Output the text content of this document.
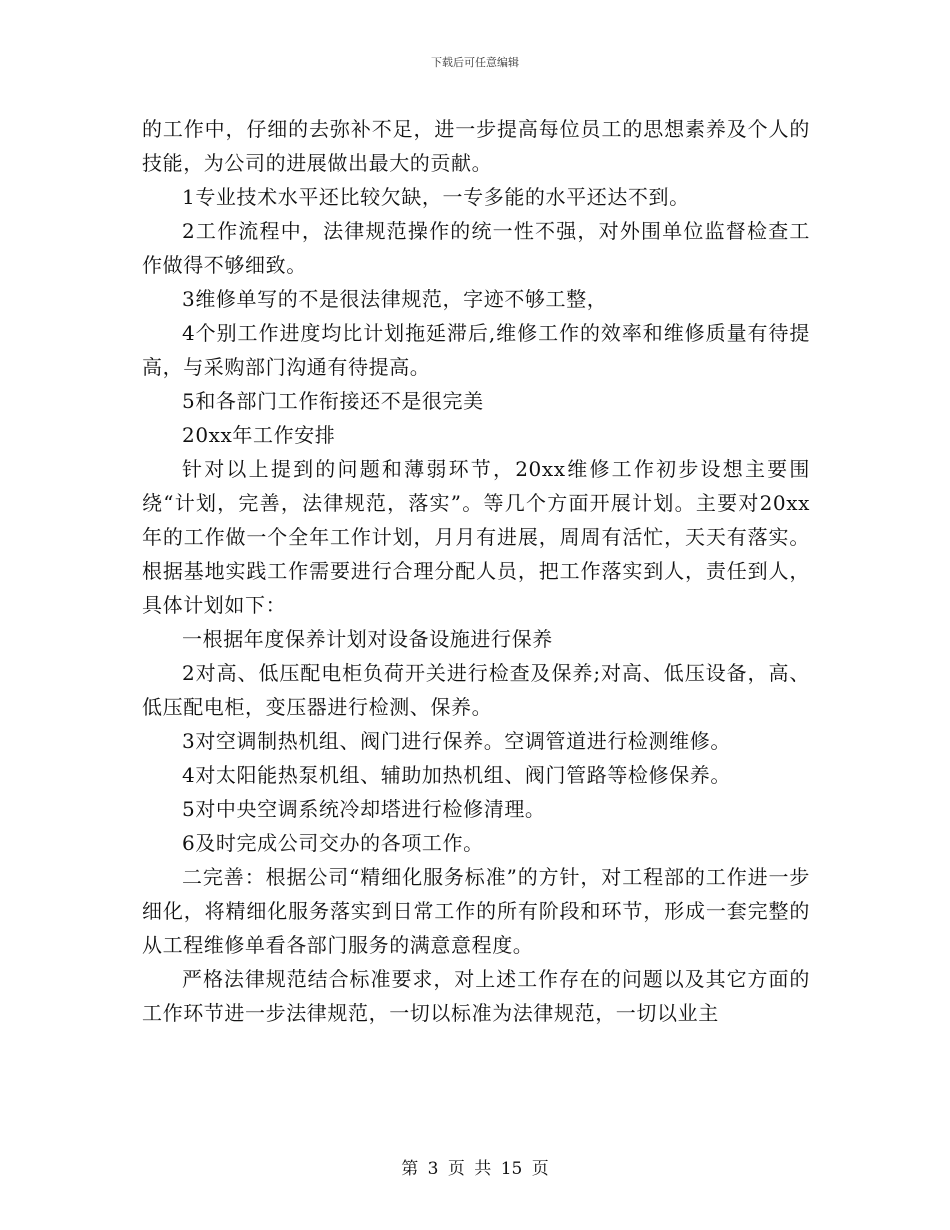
下载后可任意编辑

的工作中，仔细的去弥补不足，进一步提高每位员工的思想素养及个人的技能，为公司的进展做出最大的贡献。

1专业技术水平还比较欠缺，一专多能的水平还达不到。

2工作流程中，法律规范操作的统一性不强，对外围单位监督检查工作做得不够细致。

3维修单写的不是很法律规范，字迹不够工整，

4个别工作进度均比计划拖延滞后,维修工作的效率和维修质量有待提高，与采购部门沟通有待提高。

5和各部门工作衔接还不是很完美

20xx年工作安排

针对以上提到的问题和薄弱环节，20xx维修工作初步设想主要围绕“计划，完善，法律规范，落实”。等几个方面开展计划。主要对20xx年的工作做一个全年工作计划，月月有进展，周周有活忙，天天有落实。根据基地实践工作需要进行合理分配人员，把工作落实到人，责任到人，具体计划如下：

一根据年度保养计划对设备设施进行保养

2对高、低压配电柜负荷开关进行检查及保养;对高、低压设备，高、低压配电柜，变压器进行检测、保养。

3对空调制热机组、阀门进行保养。空调管道进行检测维修。

4对太阳能热泵机组、辅助加热机组、阀门管路等检修保养。

5对中央空调系统冷却塔进行检修清理。

6及时完成公司交办的各项工作。

二完善：根据公司“精细化服务标准”的方针，对工程部的工作进一步细化，将精细化服务落实到日常工作的所有阶段和环节，形成一套完整的从工程维修单看各部门服务的满意意程度。

严格法律规范结合标准要求，对上述工作存在的问题以及其它方面的工作环节进一步法律规范，一切以标准为法律规范，一切以业主

第 3 页 共 15 页
